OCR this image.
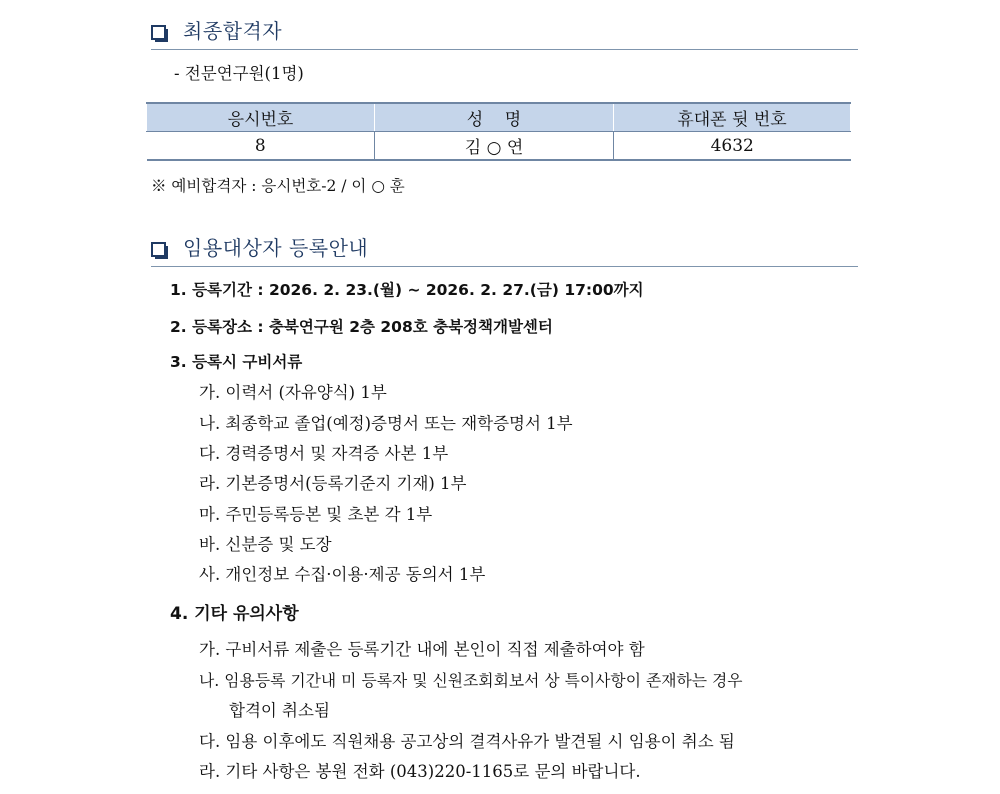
최종합격자
- 전문연구원(1명)
응시번호	성    명	휴대폰 뒷 번호
8	김 ○ 연	4632
※ 예비합격자 : 응시번호-2 / 이 ○ 훈
임용대상자 등록안내
1. 등록기간 : 2026. 2. 23.(월) ~ 2026. 2. 27.(금) 17:00까지
2. 등록장소 : 충북연구원 2층 208호 충북정책개발센터
3. 등록시 구비서류
가. 이력서 (자유양식) 1부
나. 최종학교 졸업(예정)증명서 또는 재학증명서 1부
다. 경력증명서 및 자격증 사본 1부
라. 기본증명서(등록기준지 기재) 1부
마. 주민등록등본 및 초본 각 1부
바. 신분증 및 도장
사. 개인정보 수집·이용·제공 동의서 1부
4. 기타 유의사항
가. 구비서류 제출은 등록기간 내에 본인이 직접 제출하여야 함
나. 임용등록 기간내 미 등록자 및 신원조회회보서 상 특이사항이 존재하는 경우
합격이 취소됨
다. 임용 이후에도 직원채용 공고상의 결격사유가 발견될 시 임용이 취소 됨
라. 기타 사항은 봉원 전화 (043)220-1165로 문의 바랍니다.
